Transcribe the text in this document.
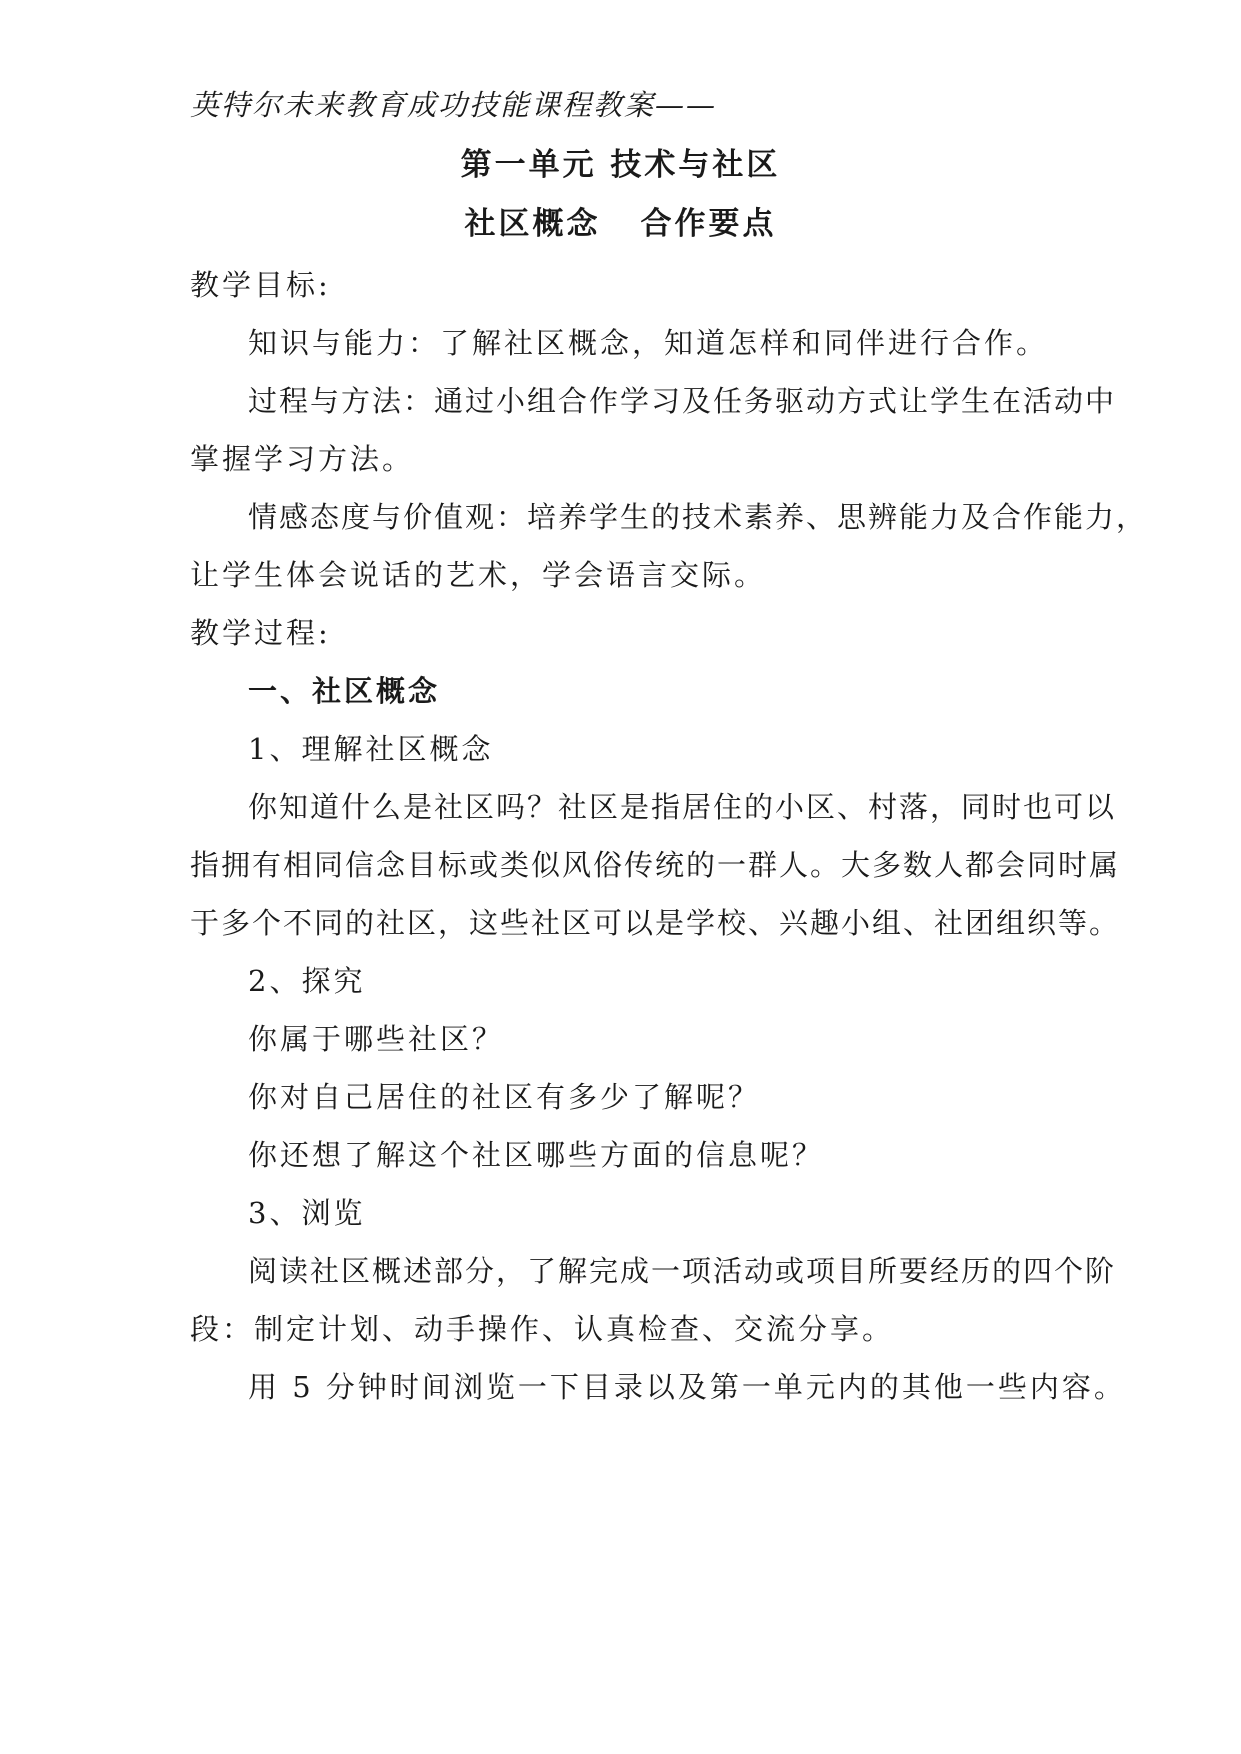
英特尔未来教育成功技能课程教案——
第一单元 技术与社区
社区概念 合作要点
教学目标:
知识与能力：了解社区概念，知道怎样和同伴进行合作。
过程与方法：通过小组合作学习及任务驱动方式让学生在活动中
掌握学习方法。
情感态度与价值观：培养学生的技术素养、思辨能力及合作能力，
让学生体会说话的艺术，学会语言交际。
教学过程:
一、社区概念
1、理解社区概念
你知道什么是社区吗？社区是指居住的小区、村落，同时也可以
指拥有相同信念目标或类似风俗传统的一群人。大多数人都会同时属
于多个不同的社区，这些社区可以是学校、兴趣小组、社团组织等。
2、探究
你属于哪些社区？
你对自己居住的社区有多少了解呢？
你还想了解这个社区哪些方面的信息呢？
3、浏览
阅读社区概述部分，了解完成一项活动或项目所要经历的四个阶
段：制定计划、动手操作、认真检查、交流分享。
用 5 分钟时间浏览一下目录以及第一单元内的其他一些内容。
